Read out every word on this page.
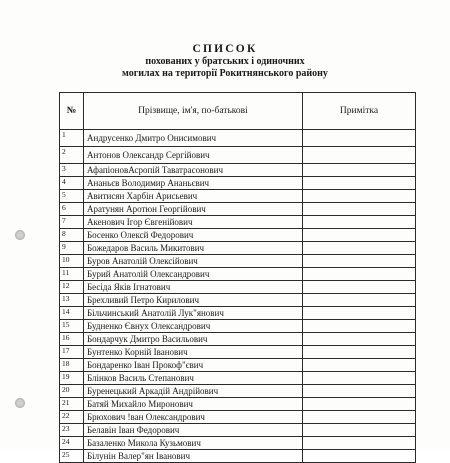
СПИСОК
похованих у братських і одиночних
могилах на території Рокитнянського району
№	Прізвище, ім'я, по-батькові	Примітка
1	Андрусенко Дмитро Онисимович	
2	Антонов Олександр Сергійович	
3	АфапіоновАсропій Таватрасонович	
4	Ананьєв Володимир Ананьєвич	
5	Авитисян Харбін Арисьевич	
6	Аратунян Аротюн Георгійович	
7	Акенович Ігор Євгенійович	
8	Босенко Олексй Федорович	
9	Божедаров Василь Микитович	
10	Буров Анатолій Олексійович	
11	Бурий Анатолій Олександрович	
12	Бесіда Яків Ігнатович	
13	Брехливий Петро Кирилович	
14	Більчинський Анатолій Лук"янович	
15	Будненко Євнух Олександрович	
16	Бондарчук Дмитро Васильович	
17	Бунтенко Корній Іванович	
18	Бондаренко Іван Прокоф"євич	
19	Блінков Василь Степанович	
20	Буренецький Аркадій Андрійович	
21	Батяй Михайло Миронович	
22	Брюхович !ван Олександрович	
23	Белавін Іван Федорович	
24	Базаленко Микола Кузьмович	
25	Білунін Валер"ян Іванович	
